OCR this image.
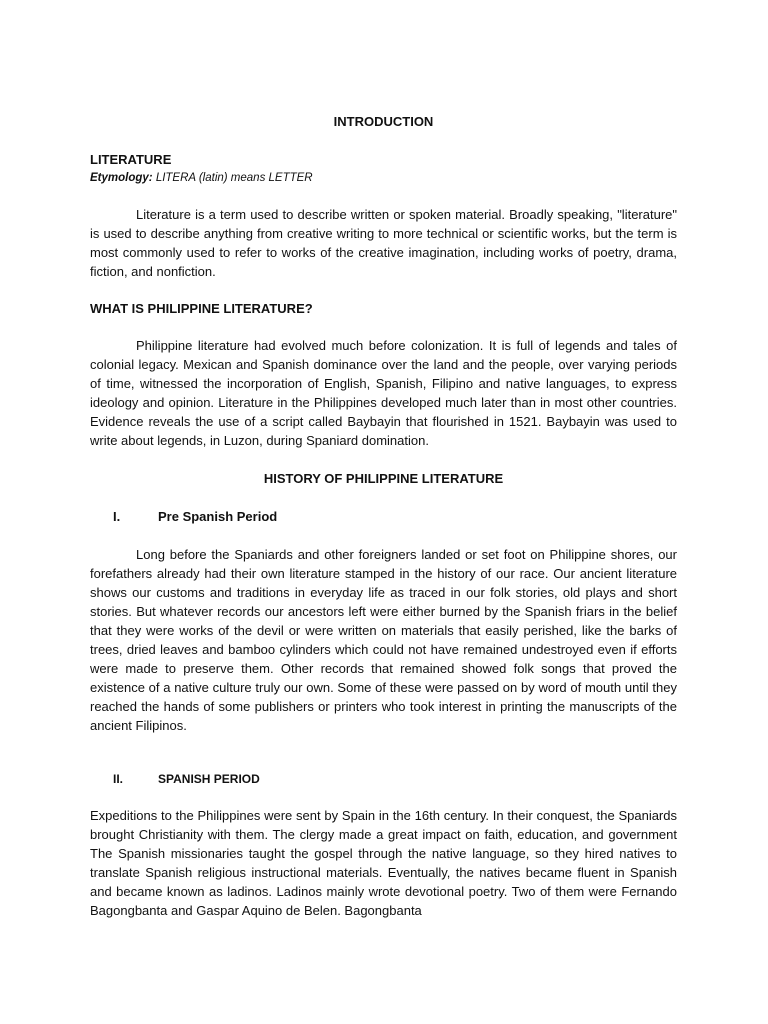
INTRODUCTION
LITERATURE
Etymology: LITERA (latin) means LETTER
Literature is a term used to describe written or spoken material. Broadly speaking, "literature" is used to describe anything from creative writing to more technical or scientific works, but the term is most commonly used to refer to works of the creative imagination, including works of poetry, drama, fiction, and nonfiction.
WHAT IS PHILIPPINE LITERATURE?
Philippine literature had evolved much before colonization. It is full of legends and tales of colonial legacy. Mexican and Spanish dominance over the land and the people, over varying periods of time, witnessed the incorporation of English, Spanish, Filipino and native languages, to express ideology and opinion. Literature in the Philippines developed much later than in most other countries. Evidence reveals the use of a script called Baybayin that flourished in 1521. Baybayin was used to write about legends, in Luzon, during Spaniard domination.
HISTORY OF PHILIPPINE LITERATURE
I.	Pre Spanish Period
Long before the Spaniards and other foreigners landed or set foot on Philippine shores, our forefathers already had their own literature stamped in the history of our race. Our ancient literature shows our customs and traditions in everyday life as traced in our folk stories, old plays and short stories. But whatever records our ancestors left were either burned by the Spanish friars in the belief that they were works of the devil or were written on materials that easily perished, like the barks of trees, dried leaves and bamboo cylinders which could not have remained undestroyed even if efforts were made to preserve them. Other records that remained showed folk songs that proved the existence of a native culture truly our own. Some of these were passed on by word of mouth until they reached the hands of some publishers or printers who took interest in printing the manuscripts of the ancient Filipinos.
II.	SPANISH PERIOD
Expeditions to the Philippines were sent by Spain in the 16th century. In their conquest, the Spaniards brought Christianity with them. The clergy made a great impact on faith, education, and government The Spanish missionaries taught the gospel through the native language, so they hired natives to translate Spanish religious instructional materials. Eventually, the natives became fluent in Spanish and became known as ladinos. Ladinos mainly wrote devotional poetry. Two of them were Fernando Bagongbanta and Gaspar Aquino de Belen. Bagongbanta
